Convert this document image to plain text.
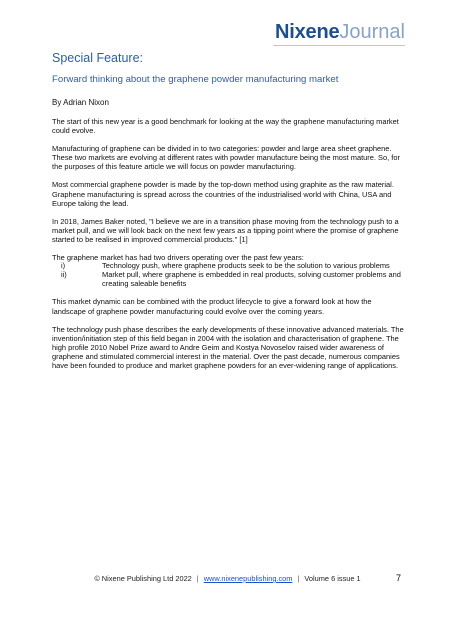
NixeneJournal
Special Feature:
Forward thinking about the graphene powder manufacturing market
By Adrian Nixon

The start of this new year is a good benchmark for looking at the way the graphene manufacturing market could evolve.

Manufacturing of graphene can be divided in to two categories: powder and large area sheet graphene. These two markets are evolving at different rates with powder manufacture being the most mature. So, for the purposes of this feature article we will focus on powder manufacturing.

Most commercial graphene powder is made by the top-down method using graphite as the raw material. Graphene manufacturing is spread across the countries of the industrialised world with China, USA and Europe taking the lead.

In 2018, James Baker noted, "I believe we are in a transition phase moving from the technology push to a market pull, and we will look back on the next few years as a tipping point where the promise of graphene started to be realised in improved commercial products." [1]

The graphene market has had two drivers operating over the past few years:

i)	Technology push, where graphene products seek to be the solution to various problems
ii)	Market pull, where graphene is embedded in real products, solving customer problems and creating saleable benefits

This market dynamic can be combined with the product lifecycle to give a forward look at how the landscape of graphene powder manufacturing could evolve over the coming years.

The technology push phase describes the early developments of these innovative advanced materials. The invention/initiation step of this field began in 2004 with the isolation and characterisation of graphene. The high profile 2010 Nobel Prize award to Andre Geim and Kostya Novoselov raised wider awareness of graphene and stimulated commercial interest in the material. Over the past decade, numerous companies have been founded to produce and market graphene powders for an ever-widening range of applications.

© Nixene Publishing Ltd 2022 | www.nixenepublishing.com | Volume 6 issue 1	7
